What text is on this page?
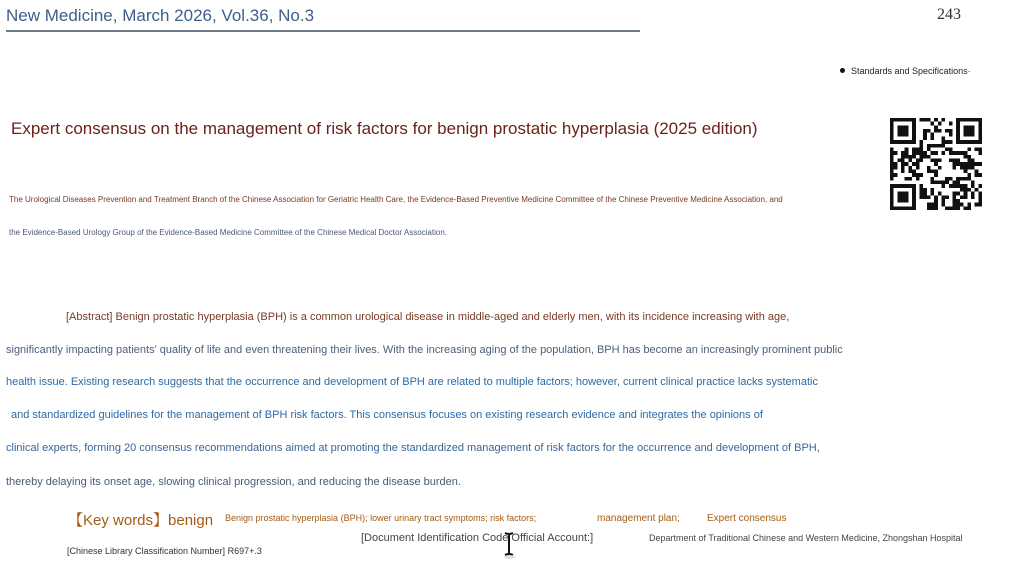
New Medicine, March 2026, Vol.36, No.3	243
Standards and Specifications·
Expert consensus on the management of risk factors for benign prostatic hyperplasia (2025 edition)
The Urological Diseases Prevention and Treatment Branch of the Chinese Association for Geriatric Health Care, the Evidence-Based Preventive Medicine Committee of the Chinese Preventive Medicine Association, and
the Evidence-Based Urology Group of the Evidence-Based Medicine Committee of the Chinese Medical Doctor Association.
[Abstract] Benign prostatic hyperplasia (BPH) is a common urological disease in middle-aged and elderly men, with its incidence increasing with age,
significantly impacting patients' quality of life and even threatening their lives. With the increasing aging of the population, BPH has become an increasingly prominent public
health issue. Existing research suggests that the occurrence and development of BPH are related to multiple factors; however, current clinical practice lacks systematic
and standardized guidelines for the management of BPH risk factors. This consensus focuses on existing research evidence and integrates the opinions of
clinical experts, forming 20 consensus recommendations aimed at promoting the standardized management of risk factors for the occurrence and development of BPH,
thereby delaying its onset age, slowing clinical progression, and reducing the disease burden.
【Key words】benign Benign prostatic hyperplasia (BPH); lower urinary tract symptoms; risk factors;	management plan;	Expert consensus
[Chinese Library Classification Number] R697+.3
[Document Identification Code Official Account:]	Department of Traditional Chinese and Western Medicine, Zhongshan Hospital
